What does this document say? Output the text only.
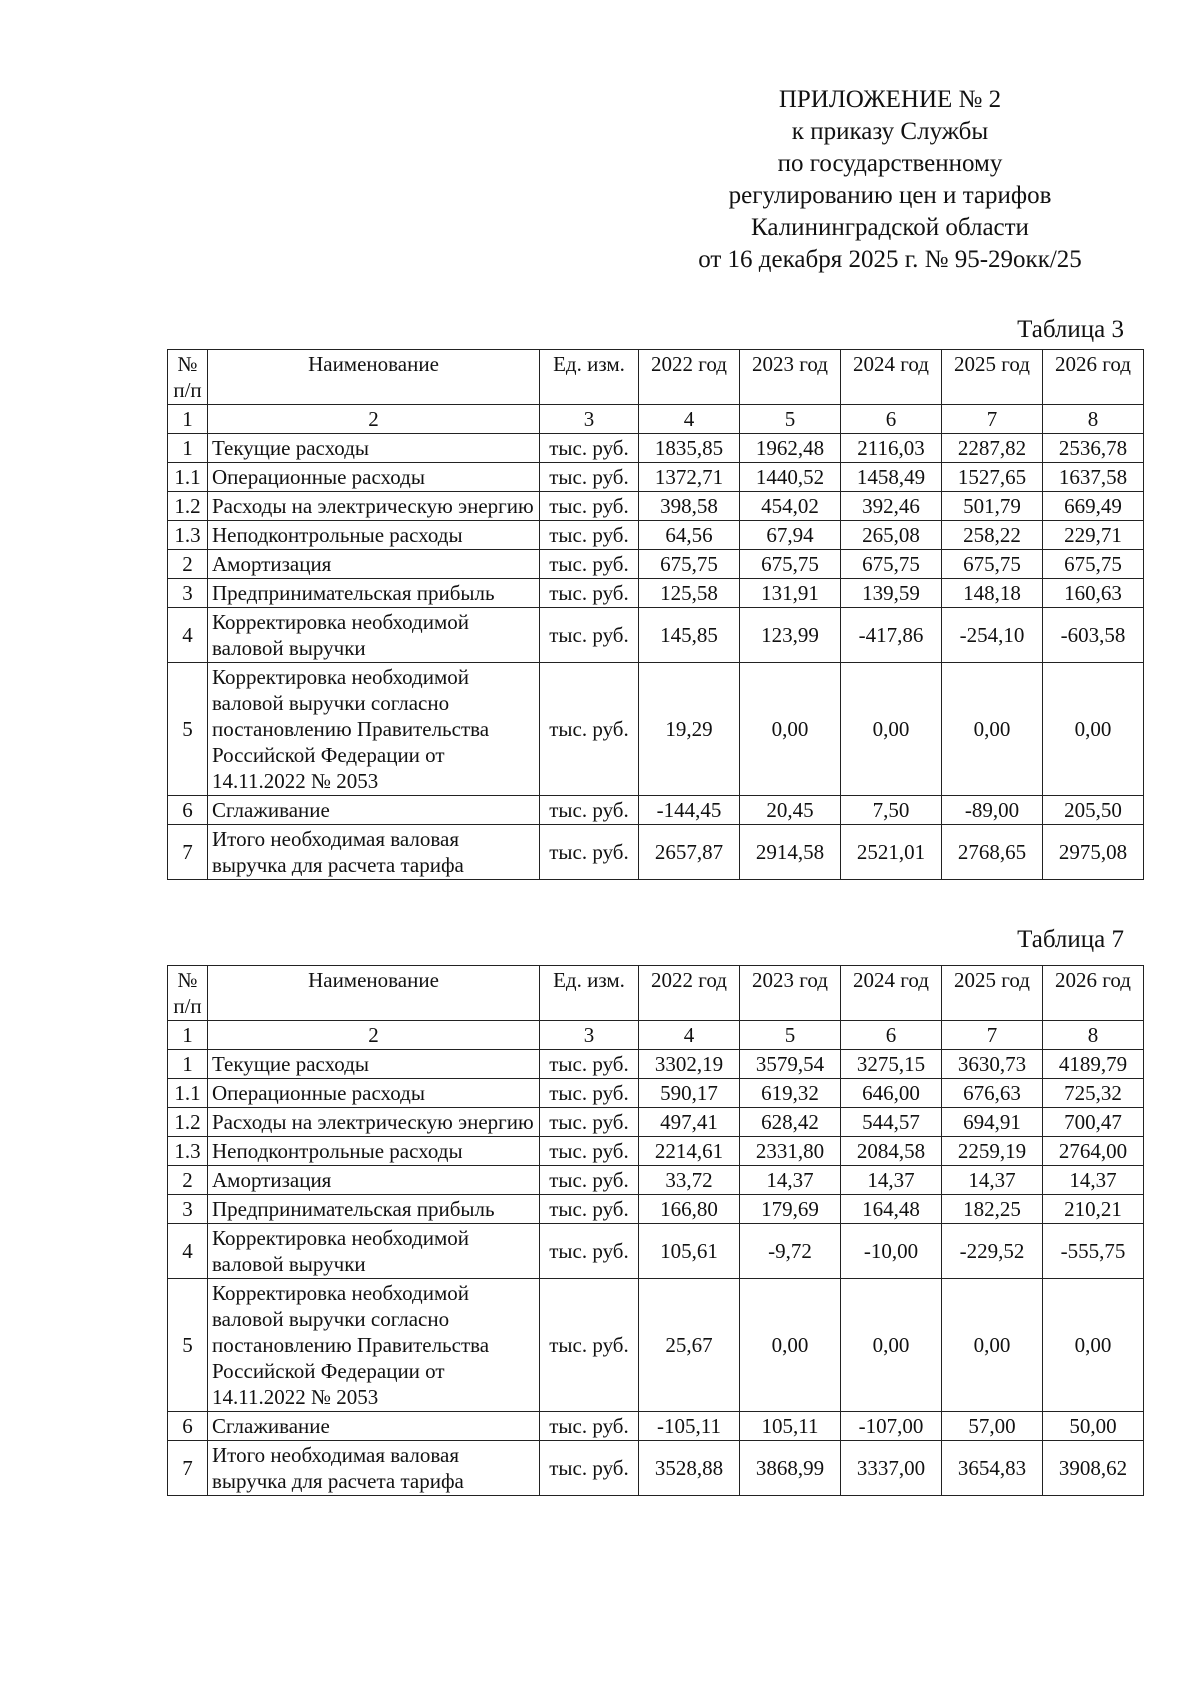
ПРИЛОЖЕНИЕ № 2
к приказу Службы
по государственному
регулированию цен и тарифов
Калининградской области
от 16 декабря 2025 г. № 95-29окк/25
Таблица 3
№ п/п	Наименование	Ед. изм.	2022 год	2023 год	2024 год	2025 год	2026 год
1	2	3	4	5	6	7	8
1	Текущие расходы	тыс. руб.	1835,85	1962,48	2116,03	2287,82	2536,78
1.1	Операционные расходы	тыс. руб.	1372,71	1440,52	1458,49	1527,65	1637,58
1.2	Расходы на электрическую энергию	тыс. руб.	398,58	454,02	392,46	501,79	669,49
1.3	Неподконтрольные расходы	тыс. руб.	64,56	67,94	265,08	258,22	229,71
2	Амортизация	тыс. руб.	675,75	675,75	675,75	675,75	675,75
3	Предпринимательская прибыль	тыс. руб.	125,58	131,91	139,59	148,18	160,63
4	Корректировка необходимой валовой выручки	тыс. руб.	145,85	123,99	-417,86	-254,10	-603,58
5	Корректировка необходимой валовой выручки согласно постановлению Правительства Российской Федерации от 14.11.2022 № 2053	тыс. руб.	19,29	0,00	0,00	0,00	0,00
6	Сглаживание	тыс. руб.	-144,45	20,45	7,50	-89,00	205,50
7	Итого необходимая валовая выручка для расчета тарифа	тыс. руб.	2657,87	2914,58	2521,01	2768,65	2975,08
Таблица 7
№ п/п	Наименование	Ед. изм.	2022 год	2023 год	2024 год	2025 год	2026 год
1	2	3	4	5	6	7	8
1	Текущие расходы	тыс. руб.	3302,19	3579,54	3275,15	3630,73	4189,79
1.1	Операционные расходы	тыс. руб.	590,17	619,32	646,00	676,63	725,32
1.2	Расходы на электрическую энергию	тыс. руб.	497,41	628,42	544,57	694,91	700,47
1.3	Неподконтрольные расходы	тыс. руб.	2214,61	2331,80	2084,58	2259,19	2764,00
2	Амортизация	тыс. руб.	33,72	14,37	14,37	14,37	14,37
3	Предпринимательская прибыль	тыс. руб.	166,80	179,69	164,48	182,25	210,21
4	Корректировка необходимой валовой выручки	тыс. руб.	105,61	-9,72	-10,00	-229,52	-555,75
5	Корректировка необходимой валовой выручки согласно постановлению Правительства Российской Федерации от 14.11.2022 № 2053	тыс. руб.	25,67	0,00	0,00	0,00	0,00
6	Сглаживание	тыс. руб.	-105,11	105,11	-107,00	57,00	50,00
7	Итого необходимая валовая выручка для расчета тарифа	тыс. руб.	3528,88	3868,99	3337,00	3654,83	3908,62
